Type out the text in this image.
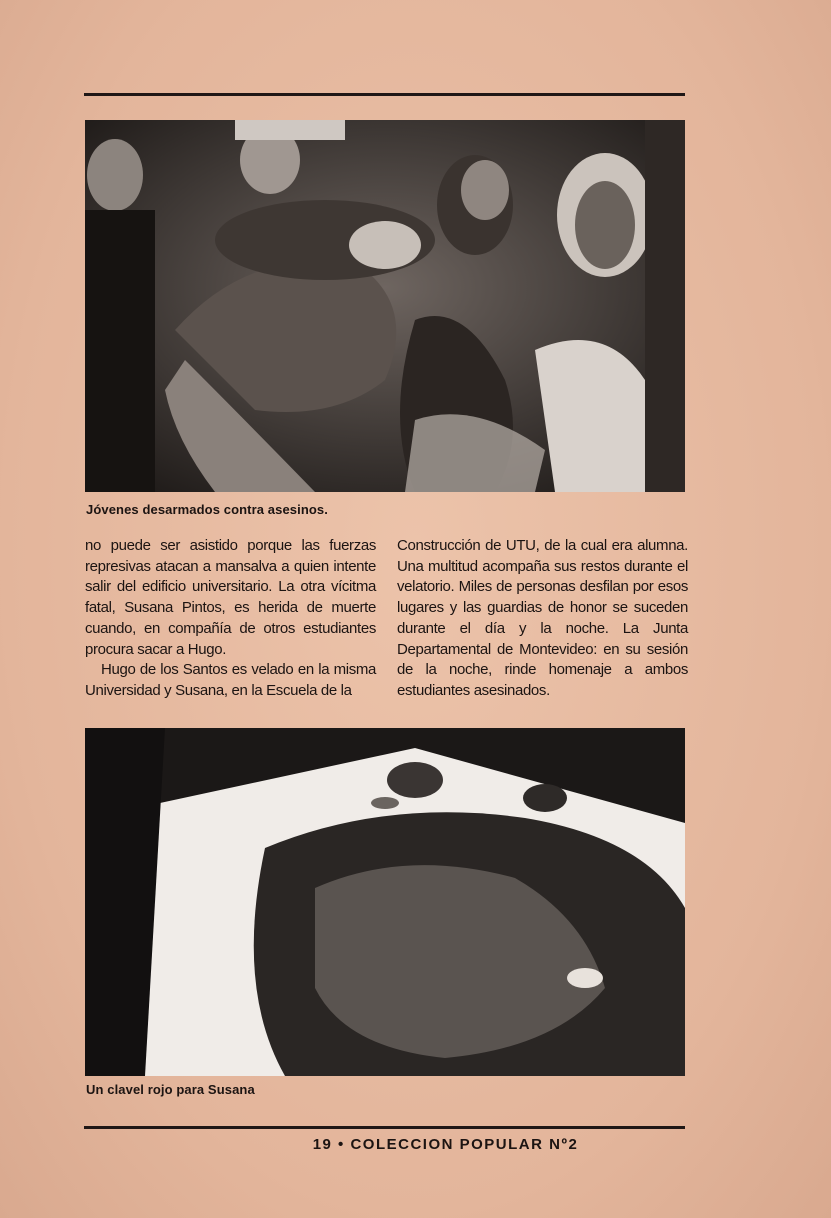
Jóvenes desarmados contra asesinos.

no puede ser asistido porque las fuerzas represivas atacan a mansalva a quien intente salir del edificio universitario. La otra vícitma fatal, Susana Pintos, es herida de muerte cuando, en compañía de otros estudiantes procura sacar a Hugo.

Hugo de los Santos es velado en la misma Universidad y Susana, en la Escuela de la

Construcción de UTU, de la cual era alumna. Una multitud acompaña sus restos durante el velatorio. Miles de personas desfilan por esos lugares y las guardias de honor se suceden durante el día y la noche. La Junta Departamental de Montevideo: en su sesión de la noche, rinde homenaje a ambos estudiantes asesinados.

Un clavel rojo para Susana
19 • COLECCION POPULAR Nº2
